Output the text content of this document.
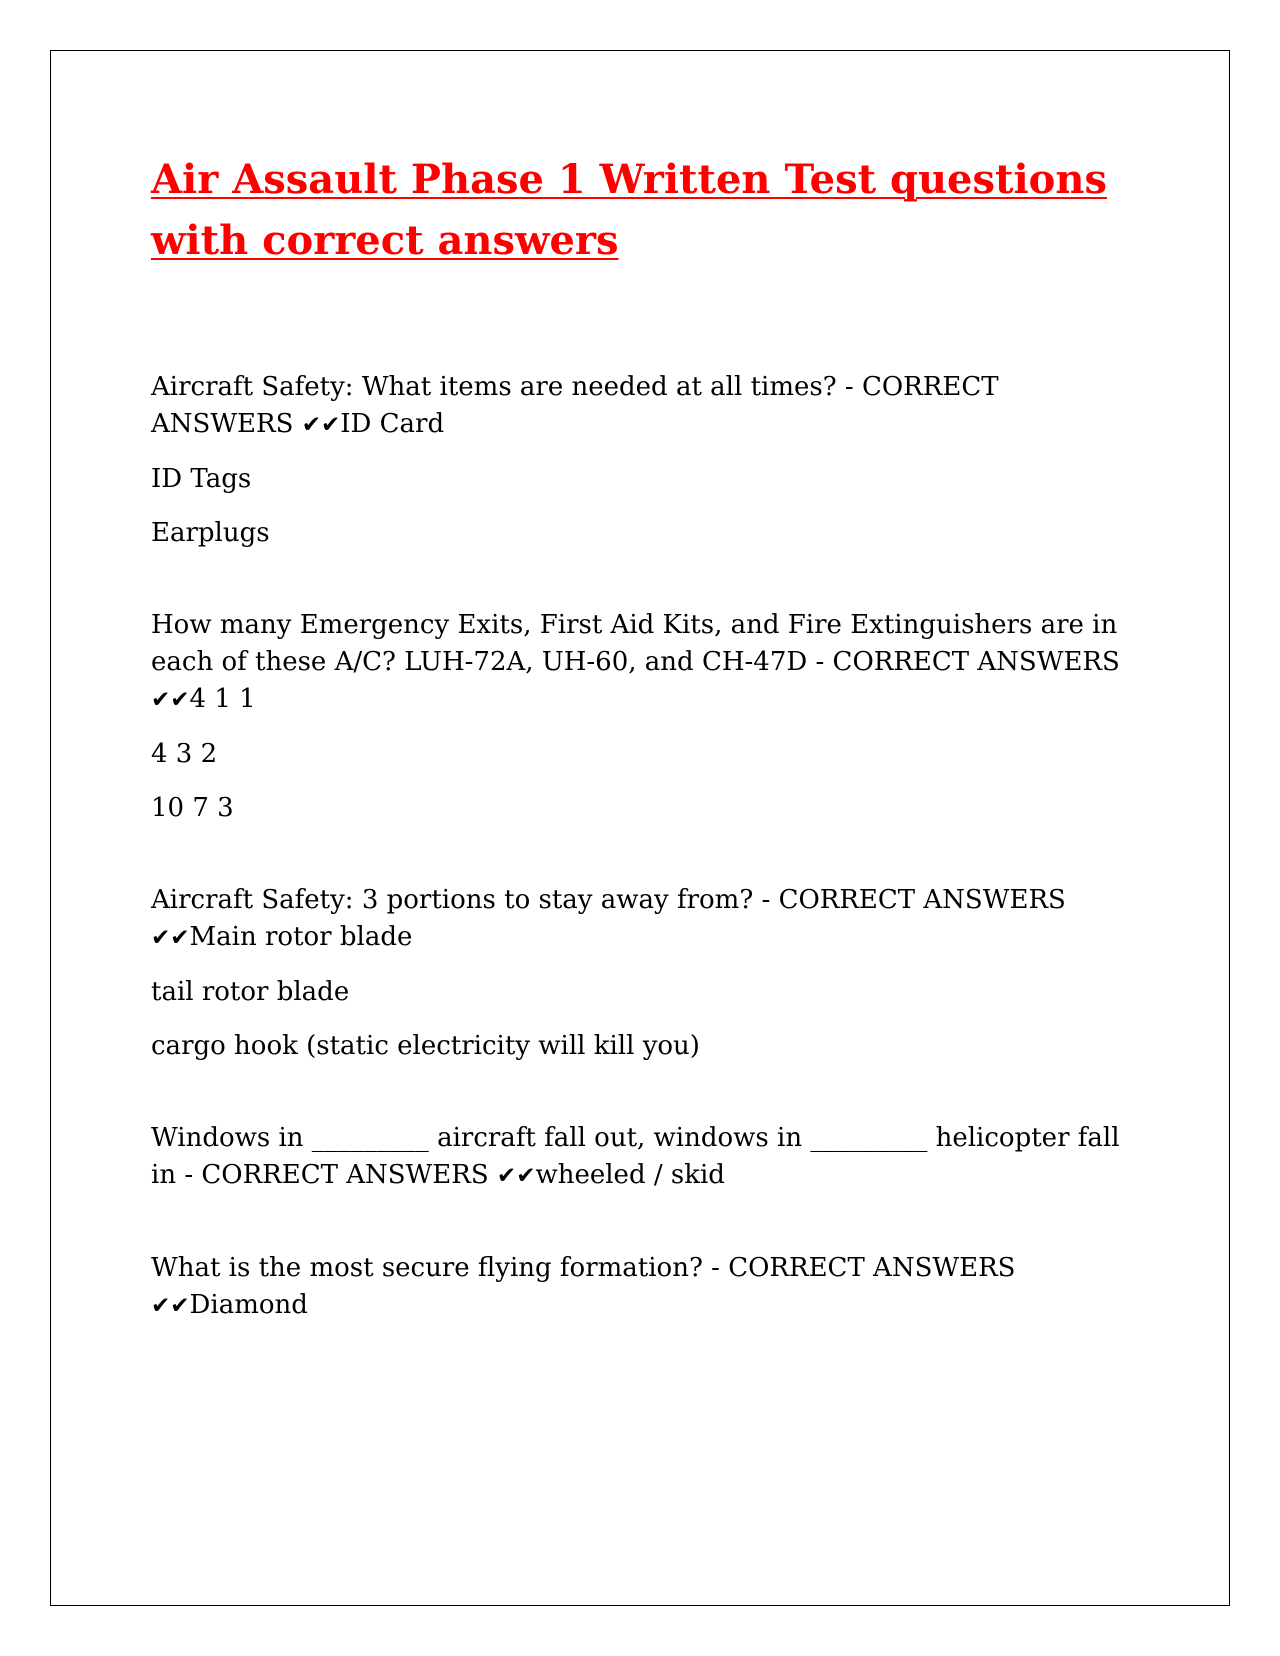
Air Assault Phase 1 Written Test questions with correct answers

Aircraft Safety: What items are needed at all times? - CORRECT ANSWERS ✔✔ID Card

ID Tags

Earplugs

How many Emergency Exits, First Aid Kits, and Fire Extinguishers are in each of these A/C? LUH-72A, UH-60, and CH-47D - CORRECT ANSWERS ✔✔4 1 1

4 3 2

10 7 3

Aircraft Safety: 3 portions to stay away from? - CORRECT ANSWERS ✔✔Main rotor blade

tail rotor blade

cargo hook (static electricity will kill you)

Windows in _________ aircraft fall out, windows in _________ helicopter fall in - CORRECT ANSWERS ✔✔wheeled / skid

What is the most secure flying formation? - CORRECT ANSWERS ✔✔Diamond
